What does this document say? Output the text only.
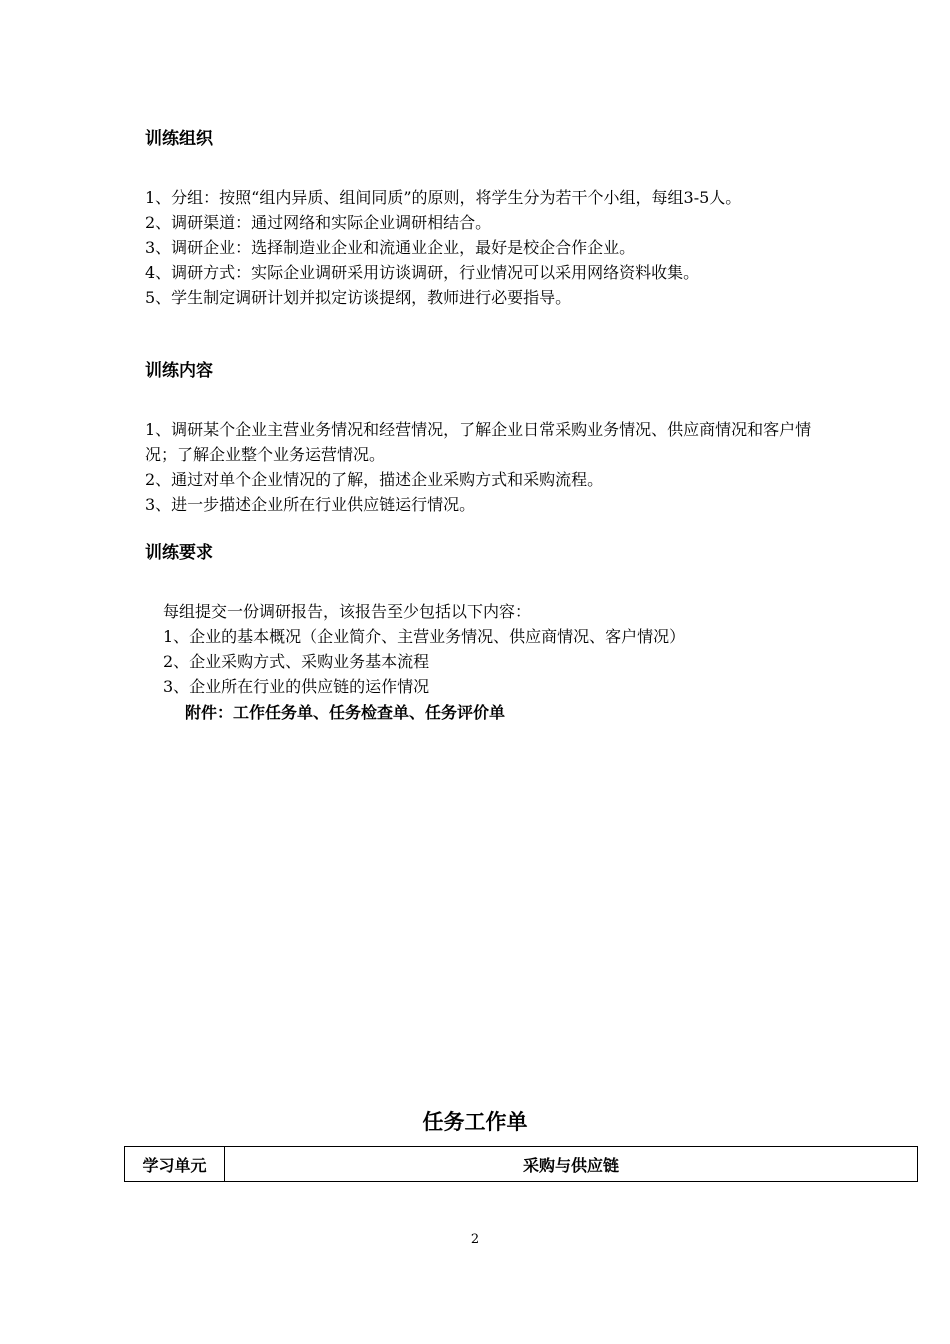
训练组织

1、分组：按照“组内异质、组间同质”的原则，将学生分为若干个小组，每组3-5人。

2、调研渠道：通过网络和实际企业调研相结合。

3、调研企业：选择制造业企业和流通业企业，最好是校企合作企业。

4、调研方式：实际企业调研采用访谈调研，行业情况可以采用网络资料收集。

5、学生制定调研计划并拟定访谈提纲，教师进行必要指导。

训练内容

1、调研某个企业主营业务情况和经营情况，了解企业日常采购业务情况、供应商情况和客户情况；了解企业整个业务运营情况。

2、通过对单个企业情况的了解，描述企业采购方式和采购流程。

3、进一步描述企业所在行业供应链运行情况。

训练要求

每组提交一份调研报告，该报告至少包括以下内容：

1、企业的基本概况（企业简介、主营业务情况、供应商情况、客户情况）

2、企业采购方式、采购业务基本流程

3、企业所在行业的供应链的运作情况

附件：工作任务单、任务检查单、任务评价单

任务工作单
学习单元	采购与供应链
2
